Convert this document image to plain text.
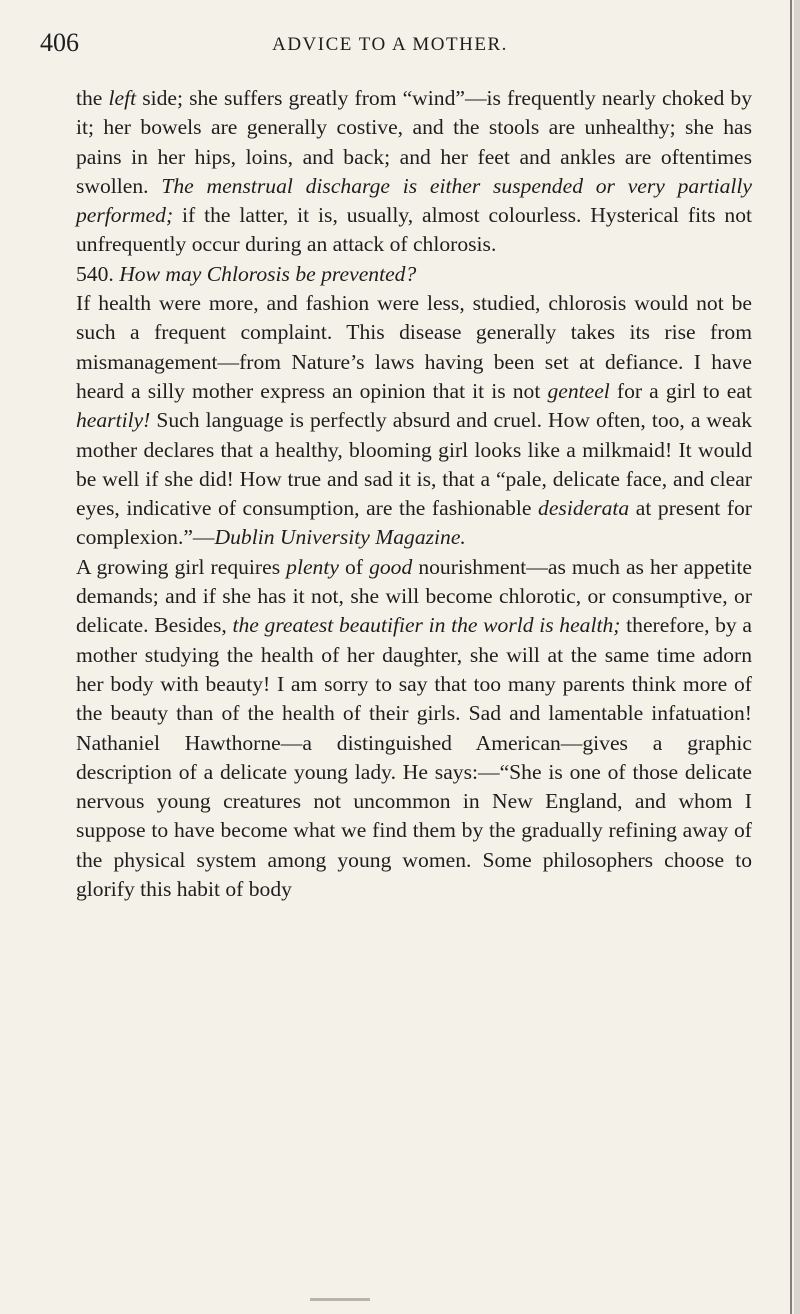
406	ADVICE TO A MOTHER.

the left side; she suffers greatly from “wind”—is frequently nearly choked by it; her bowels are generally costive, and the stools are unhealthy; she has pains in her hips, loins, and back; and her feet and ankles are oftentimes swollen. The menstrual discharge is either suspended or very partially performed; if the latter, it is, usually, almost colourless. Hysterical fits not unfrequently occur during an attack of chlorosis.

540. How may Chlorosis be prevented?

If health were more, and fashion were less, studied, chlorosis would not be such a frequent complaint. This disease generally takes its rise from mismanagement—from Nature’s laws having been set at defiance. I have heard a silly mother express an opinion that it is not genteel for a girl to eat heartily! Such language is perfectly absurd and cruel. How often, too, a weak mother declares that a healthy, blooming girl looks like a milkmaid! It would be well if she did! How true and sad it is, that a “pale, delicate face, and clear eyes, indicative of consumption, are the fashionable desiderata at present for complexion.”—Dublin University Magazine.

A growing girl requires plenty of good nourishment—as much as her appetite demands; and if she has it not, she will become chlorotic, or consumptive, or delicate. Besides, the greatest beautifier in the world is health; therefore, by a mother studying the health of her daughter, she will at the same time adorn her body with beauty! I am sorry to say that too many parents think more of the beauty than of the health of their girls. Sad and lamentable infatuation! Nathaniel Hawthorne—a distinguished American—gives a graphic description of a delicate young lady. He says:—“She is one of those delicate nervous young creatures not uncommon in New England, and whom I suppose to have become what we find them by the gradually refining away of the physical system among young women. Some philosophers choose to glorify this habit of body
